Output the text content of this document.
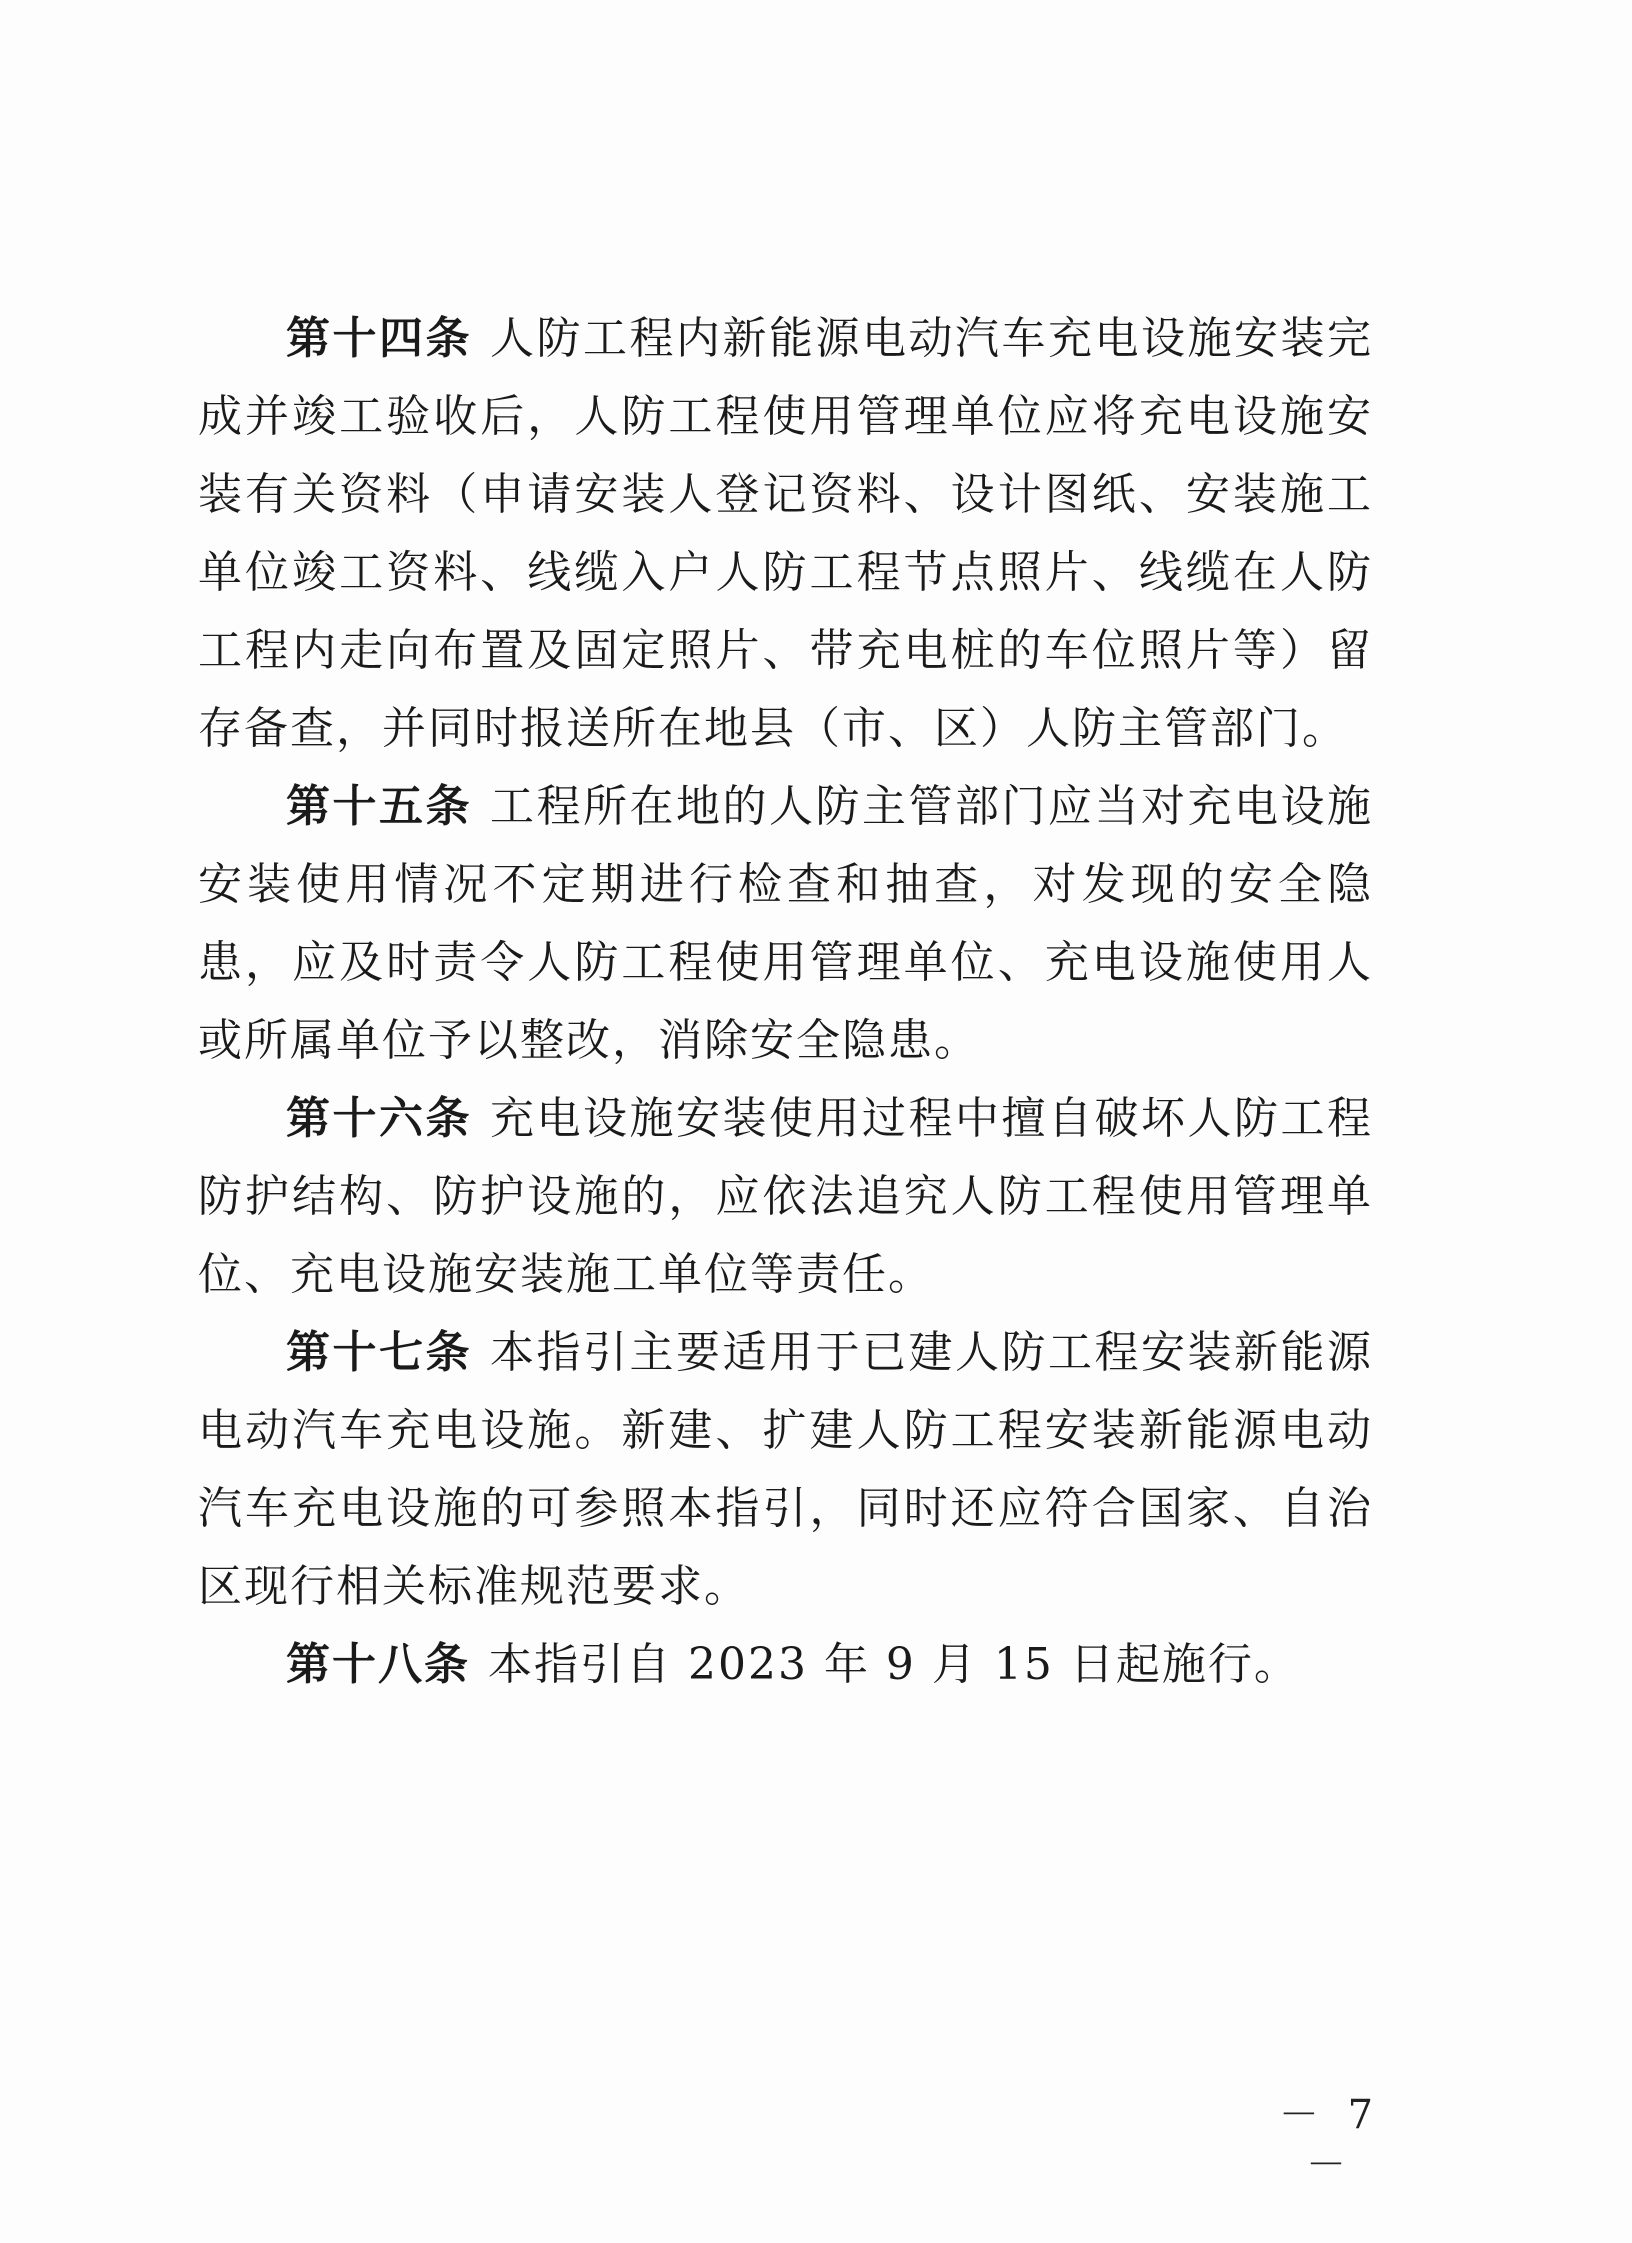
第十四条 人防工程内新能源电动汽车充电设施安装完成并竣工验收后，人防工程使用管理单位应将充电设施安装有关资料（申请安装人登记资料、设计图纸、安装施工单位竣工资料、线缆入户人防工程节点照片、线缆在人防工程内走向布置及固定照片、带充电桩的车位照片等）留存备查，并同时报送所在地县（市、区）人防主管部门。

第十五条 工程所在地的人防主管部门应当对充电设施安装使用情况不定期进行检查和抽查，对发现的安全隐患，应及时责令人防工程使用管理单位、充电设施使用人或所属单位予以整改，消除安全隐患。

第十六条 充电设施安装使用过程中擅自破坏人防工程防护结构、防护设施的，应依法追究人防工程使用管理单位、充电设施安装施工单位等责任。

第十七条 本指引主要适用于已建人防工程安装新能源电动汽车充电设施。新建、扩建人防工程安装新能源电动汽车充电设施的可参照本指引，同时还应符合国家、自治区现行相关标准规范要求。

第十八条 本指引自 2023 年 9 月 15 日起施行。

－ 7 －
